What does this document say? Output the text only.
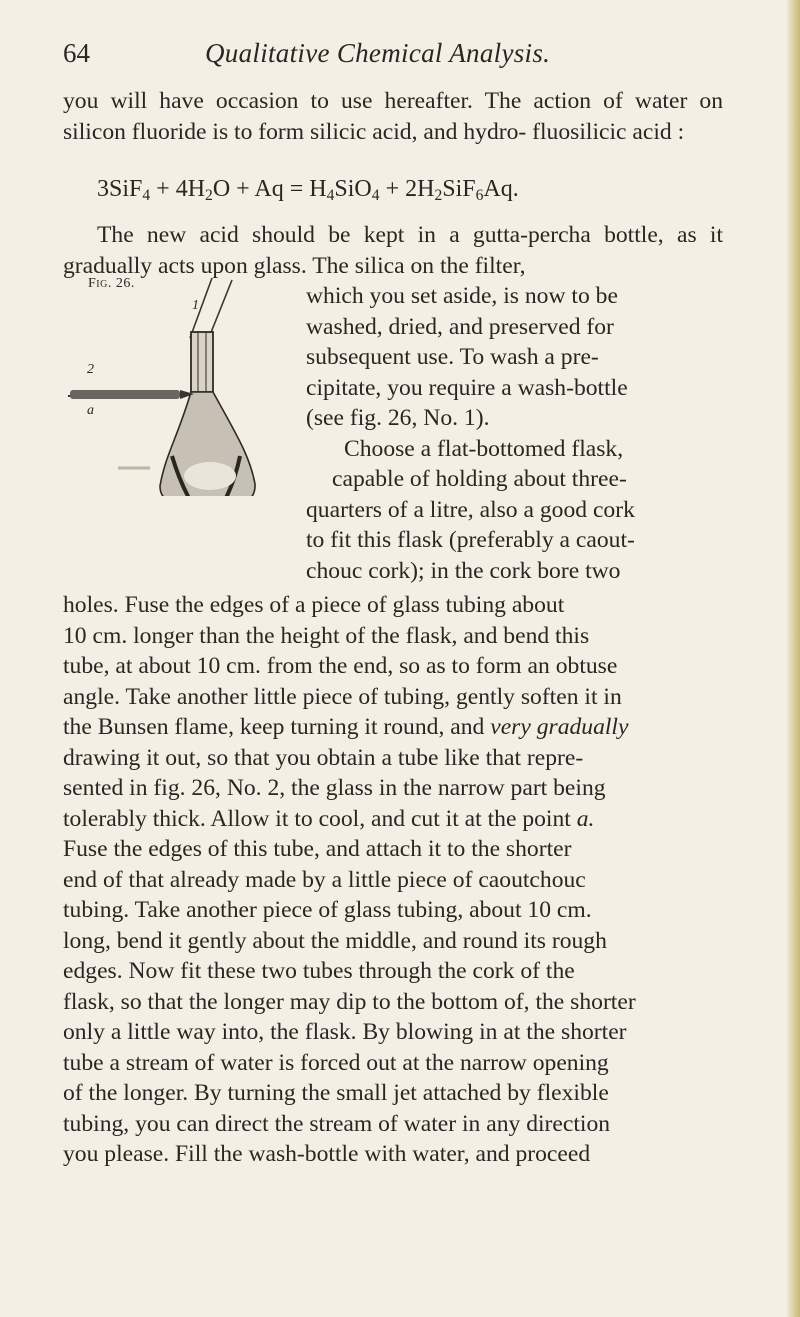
64	Qualitative Chemical Analysis.
you will have occasion to use hereafter. The action of water on silicon fluoride is to form silicic acid, and hydro- fluosilicic acid :
$3SiF_4 + 4H_2O + Aq = H_4SiO_4 + 2H_2SiF_6Aq$.
The new acid should be kept in a gutta-percha bottle, as it gradually acts upon glass. The silica on the filter,
Fig. 26.
1
2
a
which you set aside, is now to be
washed, dried, and preserved for
subsequent use. To wash a pre-
cipitate, you require a wash-bottle
(see fig. 26, No. 1).
Choose a flat-bottomed flask,
capable of holding about three-
quarters of a litre, also a good cork
to fit this flask (preferably a caout-
chouc cork); in the cork bore two
holes. Fuse the edges of a piece of glass tubing about
10 cm. longer than the height of the flask, and bend this
tube, at about 10 cm. from the end, so as to form an obtuse
angle. Take another little piece of tubing, gently soften it in
the Bunsen flame, keep turning it round, and very gradually
drawing it out, so that you obtain a tube like that repre-
sented in fig. 26, No. 2, the glass in the narrow part being
tolerably thick. Allow it to cool, and cut it at the point a.
Fuse the edges of this tube, and attach it to the shorter
end of that already made by a little piece of caoutchouc
tubing. Take another piece of glass tubing, about 10 cm.
long, bend it gently about the middle, and round its rough
edges. Now fit these two tubes through the cork of the
flask, so that the longer may dip to the bottom of, the shorter
only a little way into, the flask. By blowing in at the shorter
tube a stream of water is forced out at the narrow opening
of the longer. By turning the small jet attached by flexible
tubing, you can direct the stream of water in any direction
you please. Fill the wash-bottle with water, and proceed
